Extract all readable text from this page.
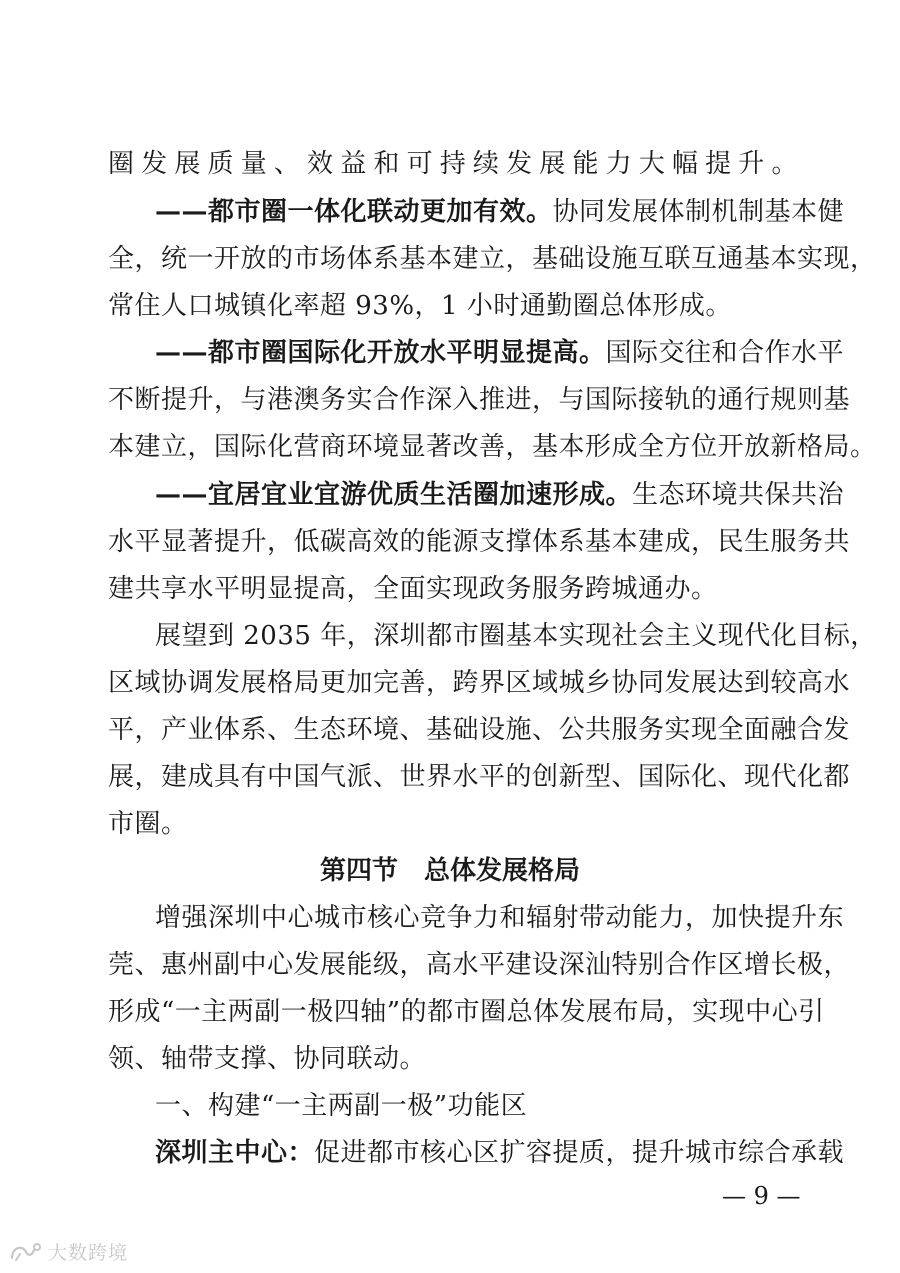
圈发展质量、效益和可持续发展能力大幅提升。
——都市圈一体化联动更加有效。协同发展体制机制基本健
全，统一开放的市场体系基本建立，基础设施互联互通基本实现，
常住人口城镇化率超 93%，1 小时通勤圈总体形成。
——都市圈国际化开放水平明显提高。国际交往和合作水平
不断提升，与港澳务实合作深入推进，与国际接轨的通行规则基
本建立，国际化营商环境显著改善，基本形成全方位开放新格局。
——宜居宜业宜游优质生活圈加速形成。生态环境共保共治
水平显著提升，低碳高效的能源支撑体系基本建成，民生服务共
建共享水平明显提高，全面实现政务服务跨城通办。
展望到 2035 年，深圳都市圈基本实现社会主义现代化目标，
区域协调发展格局更加完善，跨界区域城乡协同发展达到较高水
平，产业体系、生态环境、基础设施、公共服务实现全面融合发
展，建成具有中国气派、世界水平的创新型、国际化、现代化都
市圈。
第四节　总体发展格局
增强深圳中心城市核心竞争力和辐射带动能力，加快提升东
莞、惠州副中心发展能级，高水平建设深汕特别合作区增长极，
形成“一主两副一极四轴”的都市圈总体发展布局，实现中心引
领、轴带支撑、协同联动。
一、构建“一主两副一极”功能区
深圳主中心：促进都市核心区扩容提质，提升城市综合承载
— 9 —
大数跨境
